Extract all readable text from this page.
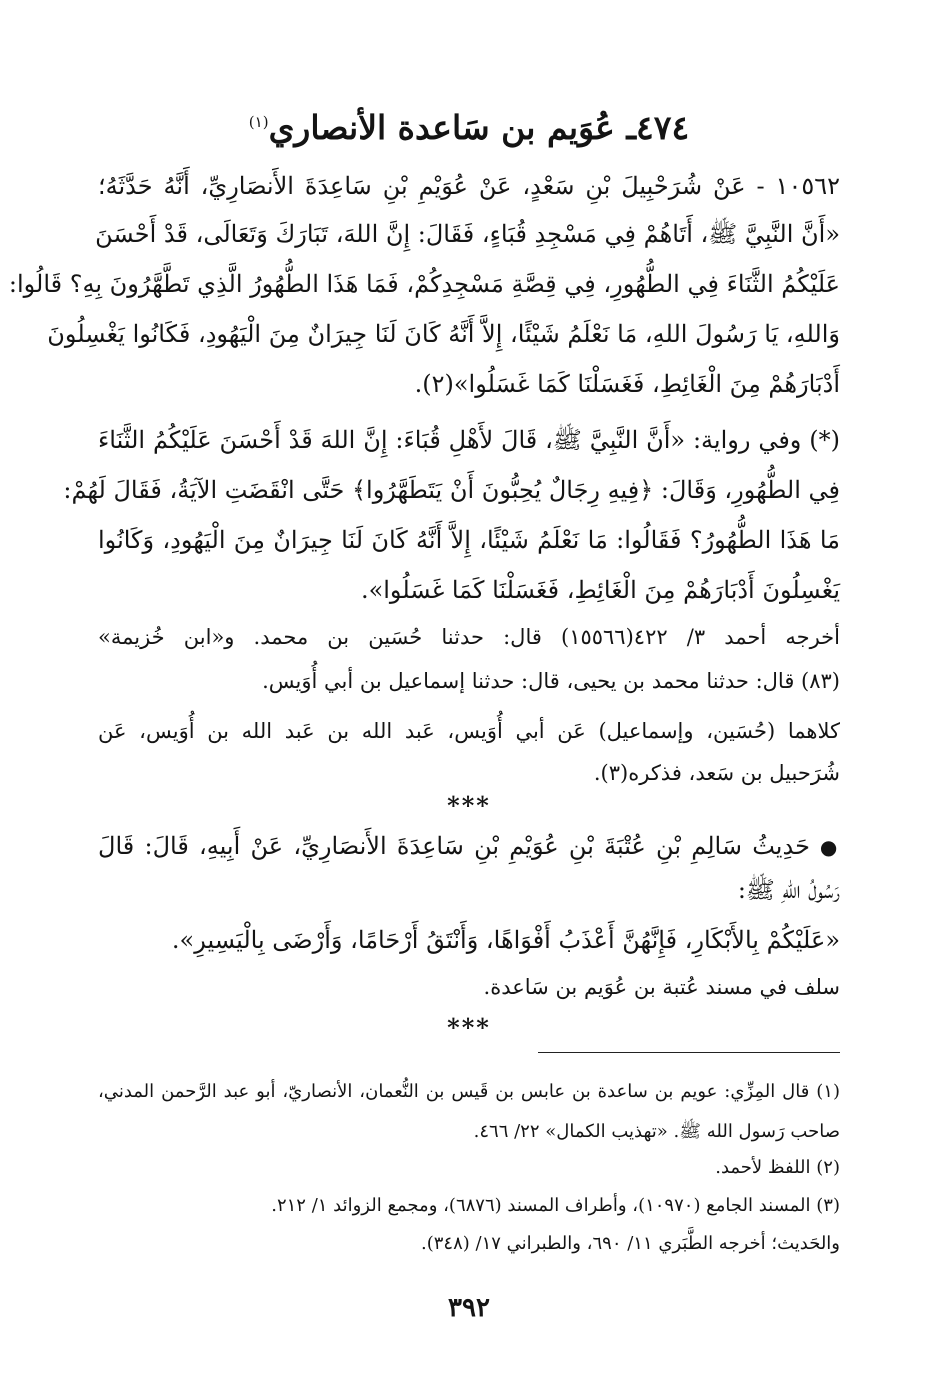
٤٧٤ـ عُوَيم بن سَاعدة الأنصاري$^{(١)}$

١٠٥٦٢ - عَنْ شُرَحْبِيلَ بْنِ سَعْدٍ، عَنْ عُوَيْمِ بْنِ سَاعِدَةَ الأَنصَارِيِّ، أَنَّهُ حَدَّثَهُ؛

«أَنَّ النَّبِيَّ ﷺ، أَتَاهُمْ فِي مَسْجِدِ قُبَاءٍ، فَقَالَ: إِنَّ اللهَ، تَبَارَكَ وَتَعَالَى، قَدْ أَحْسَنَ

عَلَيْكُمُ الثَّنَاءَ فِي الطُّهُورِ، فِي قِصَّةِ مَسْجِدِكُمْ، فَمَا هَذَا الطُّهُورُ الَّذِي تَطَّهَّرُونَ بِهِ؟ قَالُوا:

وَاللهِ، يَا رَسُولَ اللهِ، مَا نَعْلَمُ شَيْئًا، إِلاَّ أَنَّهُ كَانَ لَنَا جِيرَانٌ مِنَ الْيَهُودِ، فَكَانُوا يَغْسِلُونَ

أَدْبَارَهُمْ مِنَ الْغَائِطِ، فَغَسَلْنَا كَمَا غَسَلُوا»(٢).

(*) وفي رواية: «أَنَّ النَّبِيَّ ﷺ، قَالَ لأَهْلِ قُبَاءَ: إِنَّ اللهَ قَدْ أَحْسَنَ عَلَيْكُمُ الثَّنَاءَ

فِي الطُّهُورِ، وَقَالَ: ﴿فِيهِ رِجَالٌ يُحِبُّونَ أَنْ يَتَطَهَّرُوا﴾ حَتَّى انْقَضَتِ الآيَةُ، فَقَالَ لَهُمْ:

مَا هَذَا الطُّهُورُ؟ فَقَالُوا: مَا نَعْلَمُ شَيْئًا، إِلاَّ أَنَّهُ كَانَ لَنَا جِيرَانٌ مِنَ الْيَهُودِ، وَكَانُوا

يَغْسِلُونَ أَدْبَارَهُمْ مِنَ الْغَائِطِ، فَغَسَلْنَا كَمَا غَسَلُوا».

أخرجه أحمد ٣/ ٤٢٢(١٥٥٦٦) قال: حدثنا حُسَين بن محمد. و«ابن خُزيمة»

(٨٣) قال: حدثنا محمد بن يحيى، قال: حدثنا إسماعيل بن أبي أُوَيس.

كلاهما (حُسَين، وإسماعيل) عَن أبي أُوَيس، عَبد الله بن عَبد الله بن أُوَيس، عَن

شُرَحبيل بن سَعد، فذكره(٣).

***

●حَدِيثُ سَالِمِ بْنِ عُتْبَةَ بْنِ عُوَيْمِ بْنِ سَاعِدَةَ الأَنصَارِيِّ، عَنْ أَبِيهِ، قَالَ: قَالَ

رَسُولُ اللهِ ﷺ:

«عَلَيْكُمْ بِالأَبْكَارِ، فَإِنَّهُنَّ أَعْذَبُ أَفْوَاهًا، وَأَنْتَقُ أَرْحَامًا، وَأَرْضَى بِالْيَسِيرِ».

سلف في مسند عُتبة بن عُوَيم بن سَاعدة.

***

(١) قال المِزِّي: عويم بن ساعدة بن عابس بن قَيس بن النُّعمان، الأنصاريّ، أبو عبد الرَّحمن المدني،

صاحب رَسول الله ﷺ. «تهذيب الكمال» ٢٢/ ٤٦٦.

(٢) اللفظ لأحمد.

(٣) المسند الجامع (١٠٩٧٠)، وأطراف المسند (٦٨٧٦)، ومجمع الزوائد ١/ ٢١٢.

والحَديث؛ أخرجه الطَّبَري ١١/ ٦٩٠، والطبراني ١٧/ (٣٤٨).

٣٩٢
